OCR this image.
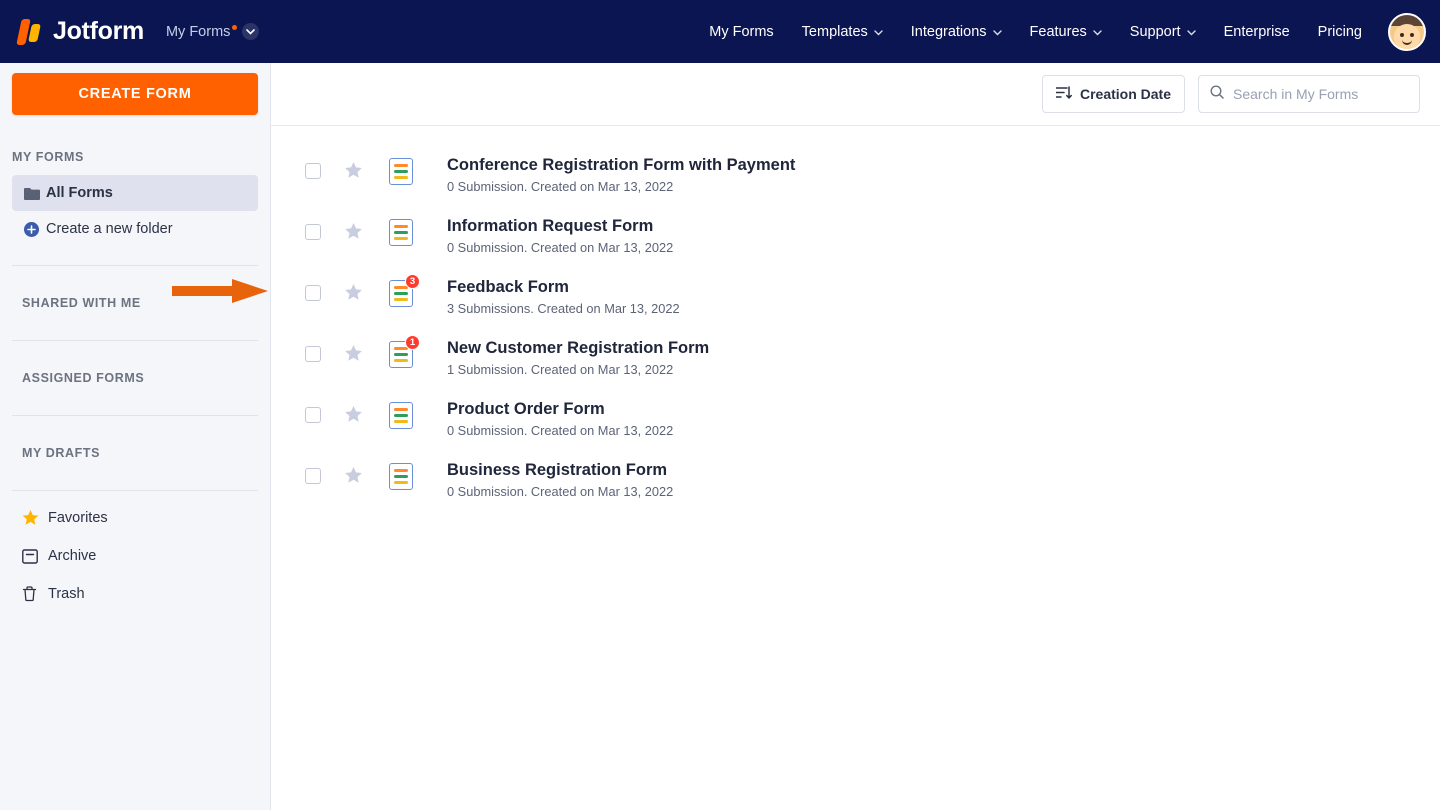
Jotform My Forms	My Forms Templates	Integrations	Features	Support	Enterprise Pricing
CREATE FORM
MY FORMS
All Forms
Create a new folder
SHARED WITH ME
ASSIGNED FORMS
MY DRAFTS
Favorites
Archive
Trash
Creation Date
Search in My Forms
Conference Registration Form with Payment
0 Submission. Created on Mar 13, 2022
Information Request Form
0 Submission. Created on Mar 13, 2022
3 Feedback Form
3 Submissions. Created on Mar 13, 2022
1 New Customer Registration Form
1 Submission. Created on Mar 13, 2022
Product Order Form
0 Submission. Created on Mar 13, 2022
Business Registration Form
0 Submission. Created on Mar 13, 2022
